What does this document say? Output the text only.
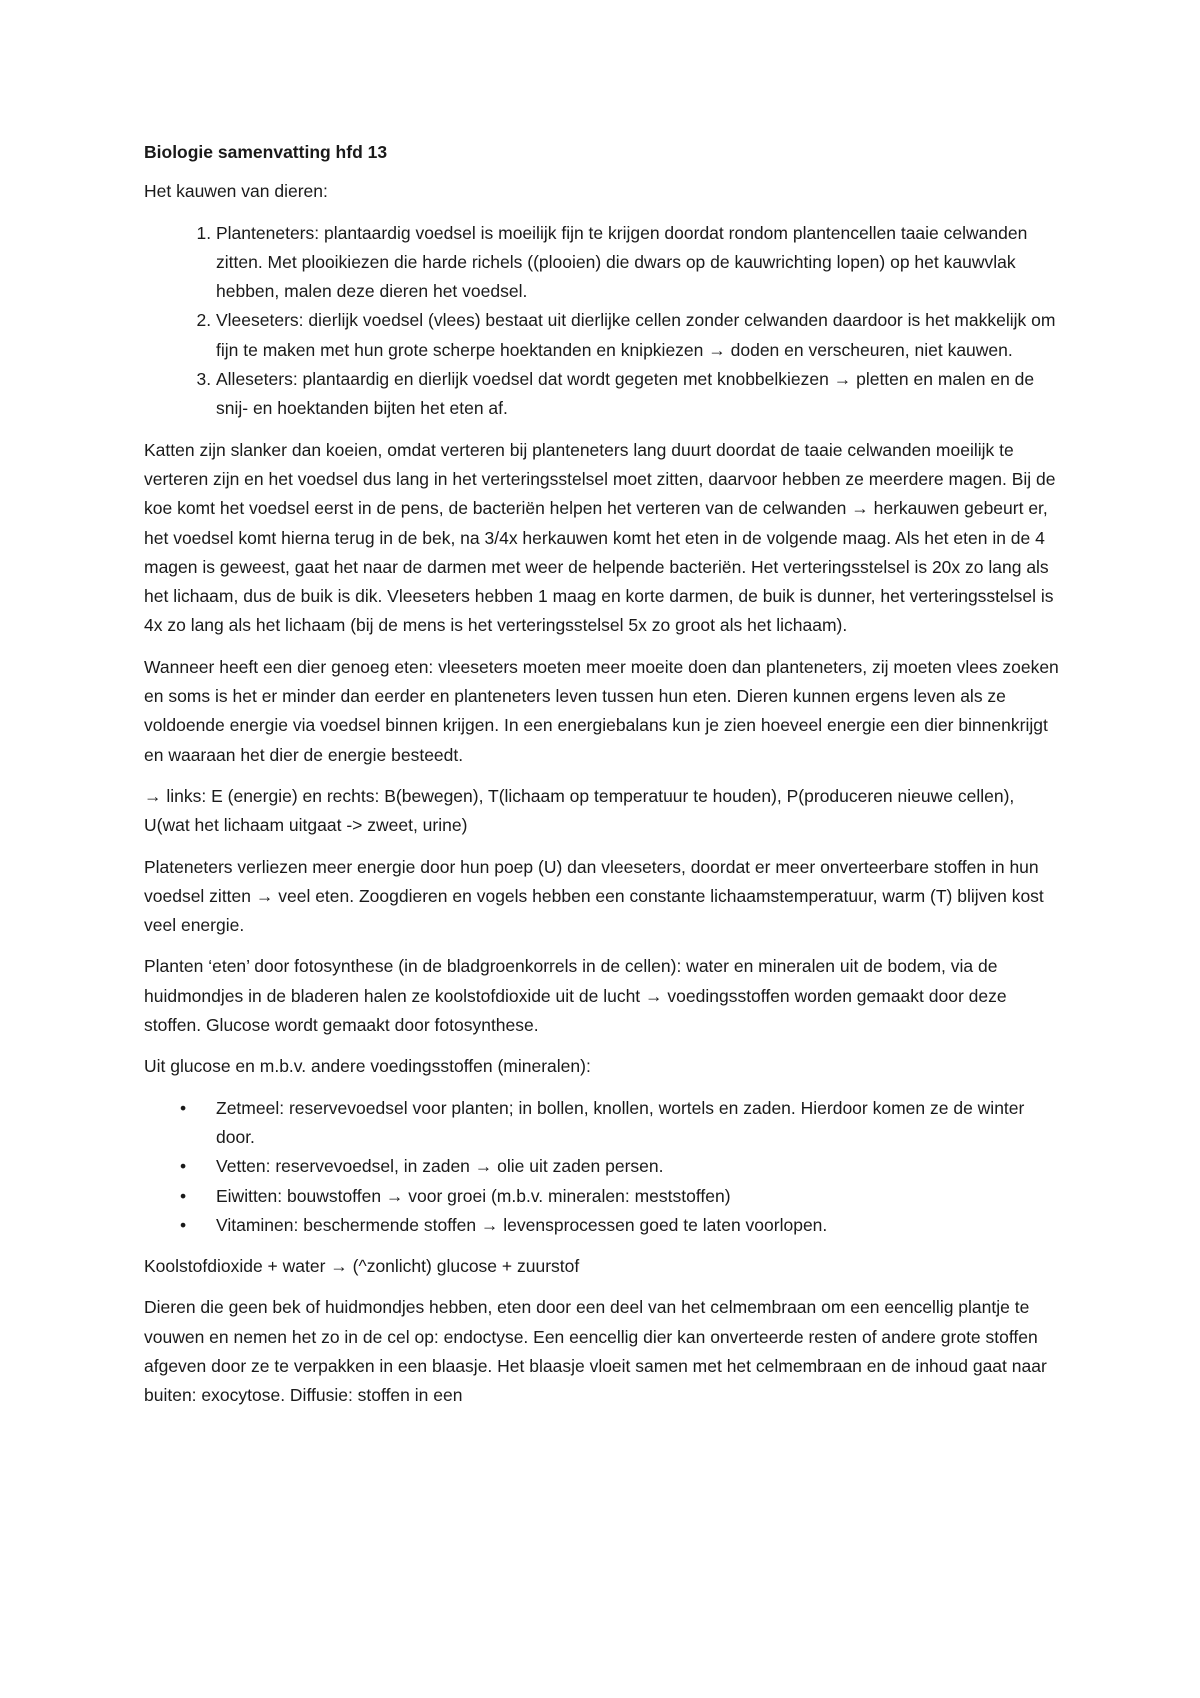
Biologie samenvatting hfd 13

Het kauwen van dieren:

1. Planteneters: plantaardig voedsel is moeilijk fijn te krijgen doordat rondom plantencellen taaie celwanden zitten. Met plooikiezen die harde richels ((plooien) die dwars op de kauwrichting lopen) op het kauwvlak hebben, malen deze dieren het voedsel.
2. Vleeseters: dierlijk voedsel (vlees) bestaat uit dierlijke cellen zonder celwanden daardoor is het makkelijk om fijn te maken met hun grote scherpe hoektanden en knipkiezen → doden en verscheuren, niet kauwen.
3. Alleseters: plantaardig en dierlijk voedsel dat wordt gegeten met knobbelkiezen → pletten en malen en de snij- en hoektanden bijten het eten af.

Katten zijn slanker dan koeien, omdat verteren bij planteneters lang duurt doordat de taaie celwanden moeilijk te verteren zijn en het voedsel dus lang in het verteringsstelsel moet zitten, daarvoor hebben ze meerdere magen. Bij de koe komt het voedsel eerst in de pens, de bacteriën helpen het verteren van de celwanden → herkauwen gebeurt er, het voedsel komt hierna terug in de bek, na 3/4x herkauwen komt het eten in de volgende maag. Als het eten in de 4 magen is geweest, gaat het naar de darmen met weer de helpende bacteriën. Het verteringsstelsel is 20x zo lang als het lichaam, dus de buik is dik. Vleeseters hebben 1 maag en korte darmen, de buik is dunner, het verteringsstelsel is 4x zo lang als het lichaam (bij de mens is het verteringsstelsel 5x zo groot als het lichaam).

Wanneer heeft een dier genoeg eten: vleeseters moeten meer moeite doen dan planteneters, zij moeten vlees zoeken en soms is het er minder dan eerder en planteneters leven tussen hun eten. Dieren kunnen ergens leven als ze voldoende energie via voedsel binnen krijgen. In een energiebalans kun je zien hoeveel energie een dier binnenkrijgt en waaraan het dier de energie besteedt.

→ links: E (energie) en rechts: B(bewegen), T(lichaam op temperatuur te houden), P(produceren nieuwe cellen), U(wat het lichaam uitgaat -> zweet, urine)

Plateneters verliezen meer energie door hun poep (U) dan vleeseters, doordat er meer onverteerbare stoffen in hun voedsel zitten → veel eten. Zoogdieren en vogels hebben een constante lichaamstemperatuur, warm (T) blijven kost veel energie.

Planten ‘eten’ door fotosynthese (in de bladgroenkorrels in de cellen): water en mineralen uit de bodem, via de huidmondjes in de bladeren halen ze koolstofdioxide uit de lucht → voedingsstoffen worden gemaakt door deze stoffen. Glucose wordt gemaakt door fotosynthese.

Uit glucose en m.b.v. andere voedingsstoffen (mineralen):

• Zetmeel: reservevoedsel voor planten; in bollen, knollen, wortels en zaden. Hierdoor komen ze de winter door.
• Vetten: reservevoedsel, in zaden → olie uit zaden persen.
• Eiwitten: bouwstoffen → voor groei (m.b.v. mineralen: meststoffen)
• Vitaminen: beschermende stoffen → levensprocessen goed te laten voorlopen.

Koolstofdioxide + water → (^zonlicht) glucose + zuurstof

Dieren die geen bek of huidmondjes hebben, eten door een deel van het celmembraan om een eencellig plantje te vouwen en nemen het zo in de cel op: endoctyse. Een eencellig dier kan onverteerde resten of andere grote stoffen afgeven door ze te verpakken in een blaasje. Het blaasje vloeit samen met het celmembraan en de inhoud gaat naar buiten: exocytose. Diffusie: stoffen in een
